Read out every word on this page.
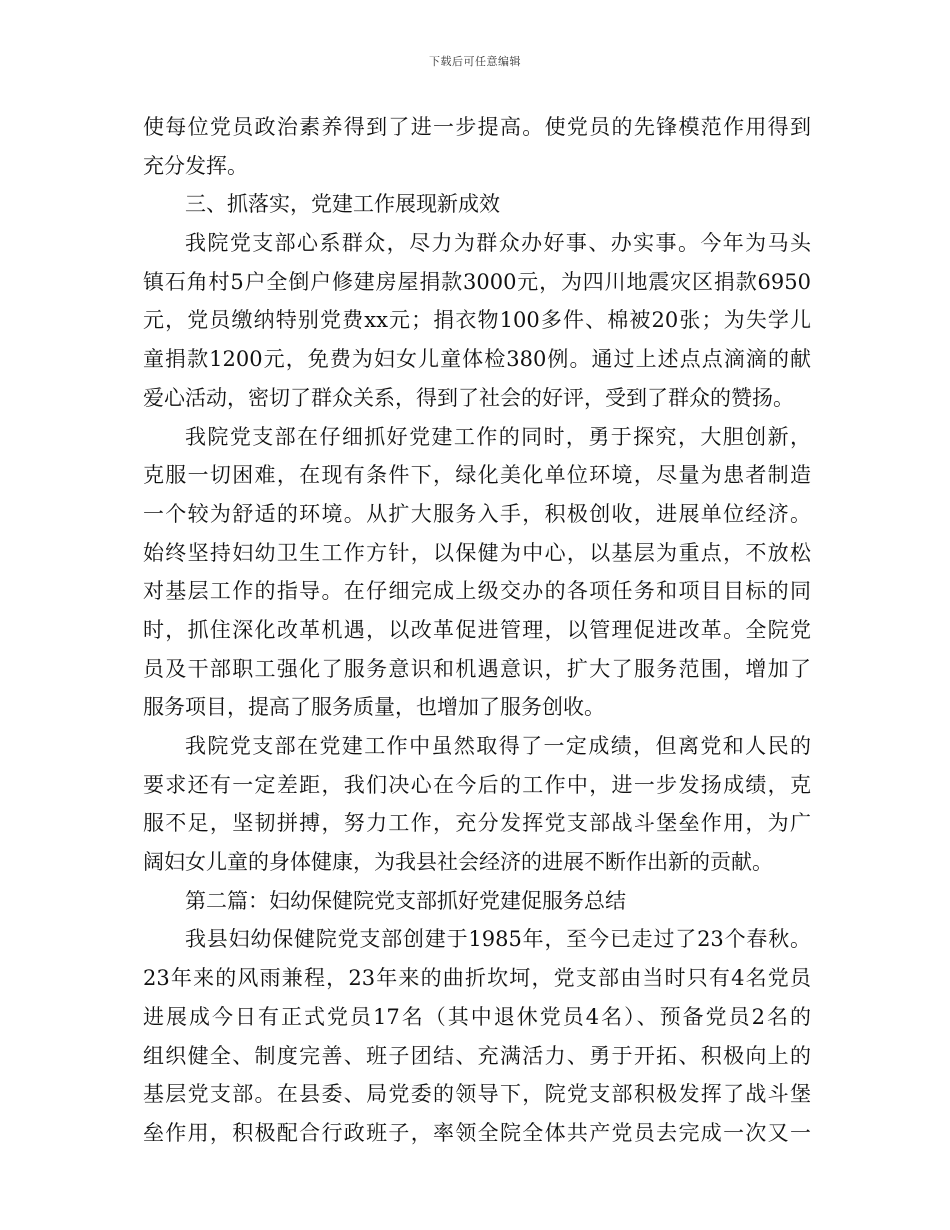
下载后可任意编辑
使每位党员政治素养得到了进一步提高。使党员的先锋模范作用得到
充分发挥。
三、抓落实，党建工作展现新成效
我院党支部心系群众，尽力为群众办好事、办实事。今年为马头
镇石角村5户全倒户修建房屋捐款3000元，为四川地震灾区捐款6950
元，党员缴纳特别党费xx元；捐衣物100多件、棉被20张；为失学儿
童捐款1200元，免费为妇女儿童体检380例。通过上述点点滴滴的献
爱心活动，密切了群众关系，得到了社会的好评，受到了群众的赞扬。
我院党支部在仔细抓好党建工作的同时，勇于探究，大胆创新，
克服一切困难，在现有条件下，绿化美化单位环境，尽量为患者制造
一个较为舒适的环境。从扩大服务入手，积极创收，进展单位经济。
始终坚持妇幼卫生工作方针，以保健为中心，以基层为重点，不放松
对基层工作的指导。在仔细完成上级交办的各项任务和项目目标的同
时，抓住深化改革机遇，以改革促进管理，以管理促进改革。全院党
员及干部职工强化了服务意识和机遇意识，扩大了服务范围，增加了
服务项目，提高了服务质量，也增加了服务创收。
我院党支部在党建工作中虽然取得了一定成绩，但离党和人民的
要求还有一定差距，我们决心在今后的工作中，进一步发扬成绩，克
服不足，坚韧拼搏，努力工作，充分发挥党支部战斗堡垒作用，为广
阔妇女儿童的身体健康，为我县社会经济的进展不断作出新的贡献。
第二篇：妇幼保健院党支部抓好党建促服务总结
我县妇幼保健院党支部创建于1985年，至今已走过了23个春秋。
23年来的风雨兼程，23年来的曲折坎坷，党支部由当时只有4名党员
进展成今日有正式党员17名（其中退休党员4名）、预备党员2名的
组织健全、制度完善、班子团结、充满活力、勇于开拓、积极向上的
基层党支部。在县委、局党委的领导下，院党支部积极发挥了战斗堡
垒作用，积极配合行政班子，率领全院全体共产党员去完成一次又一
